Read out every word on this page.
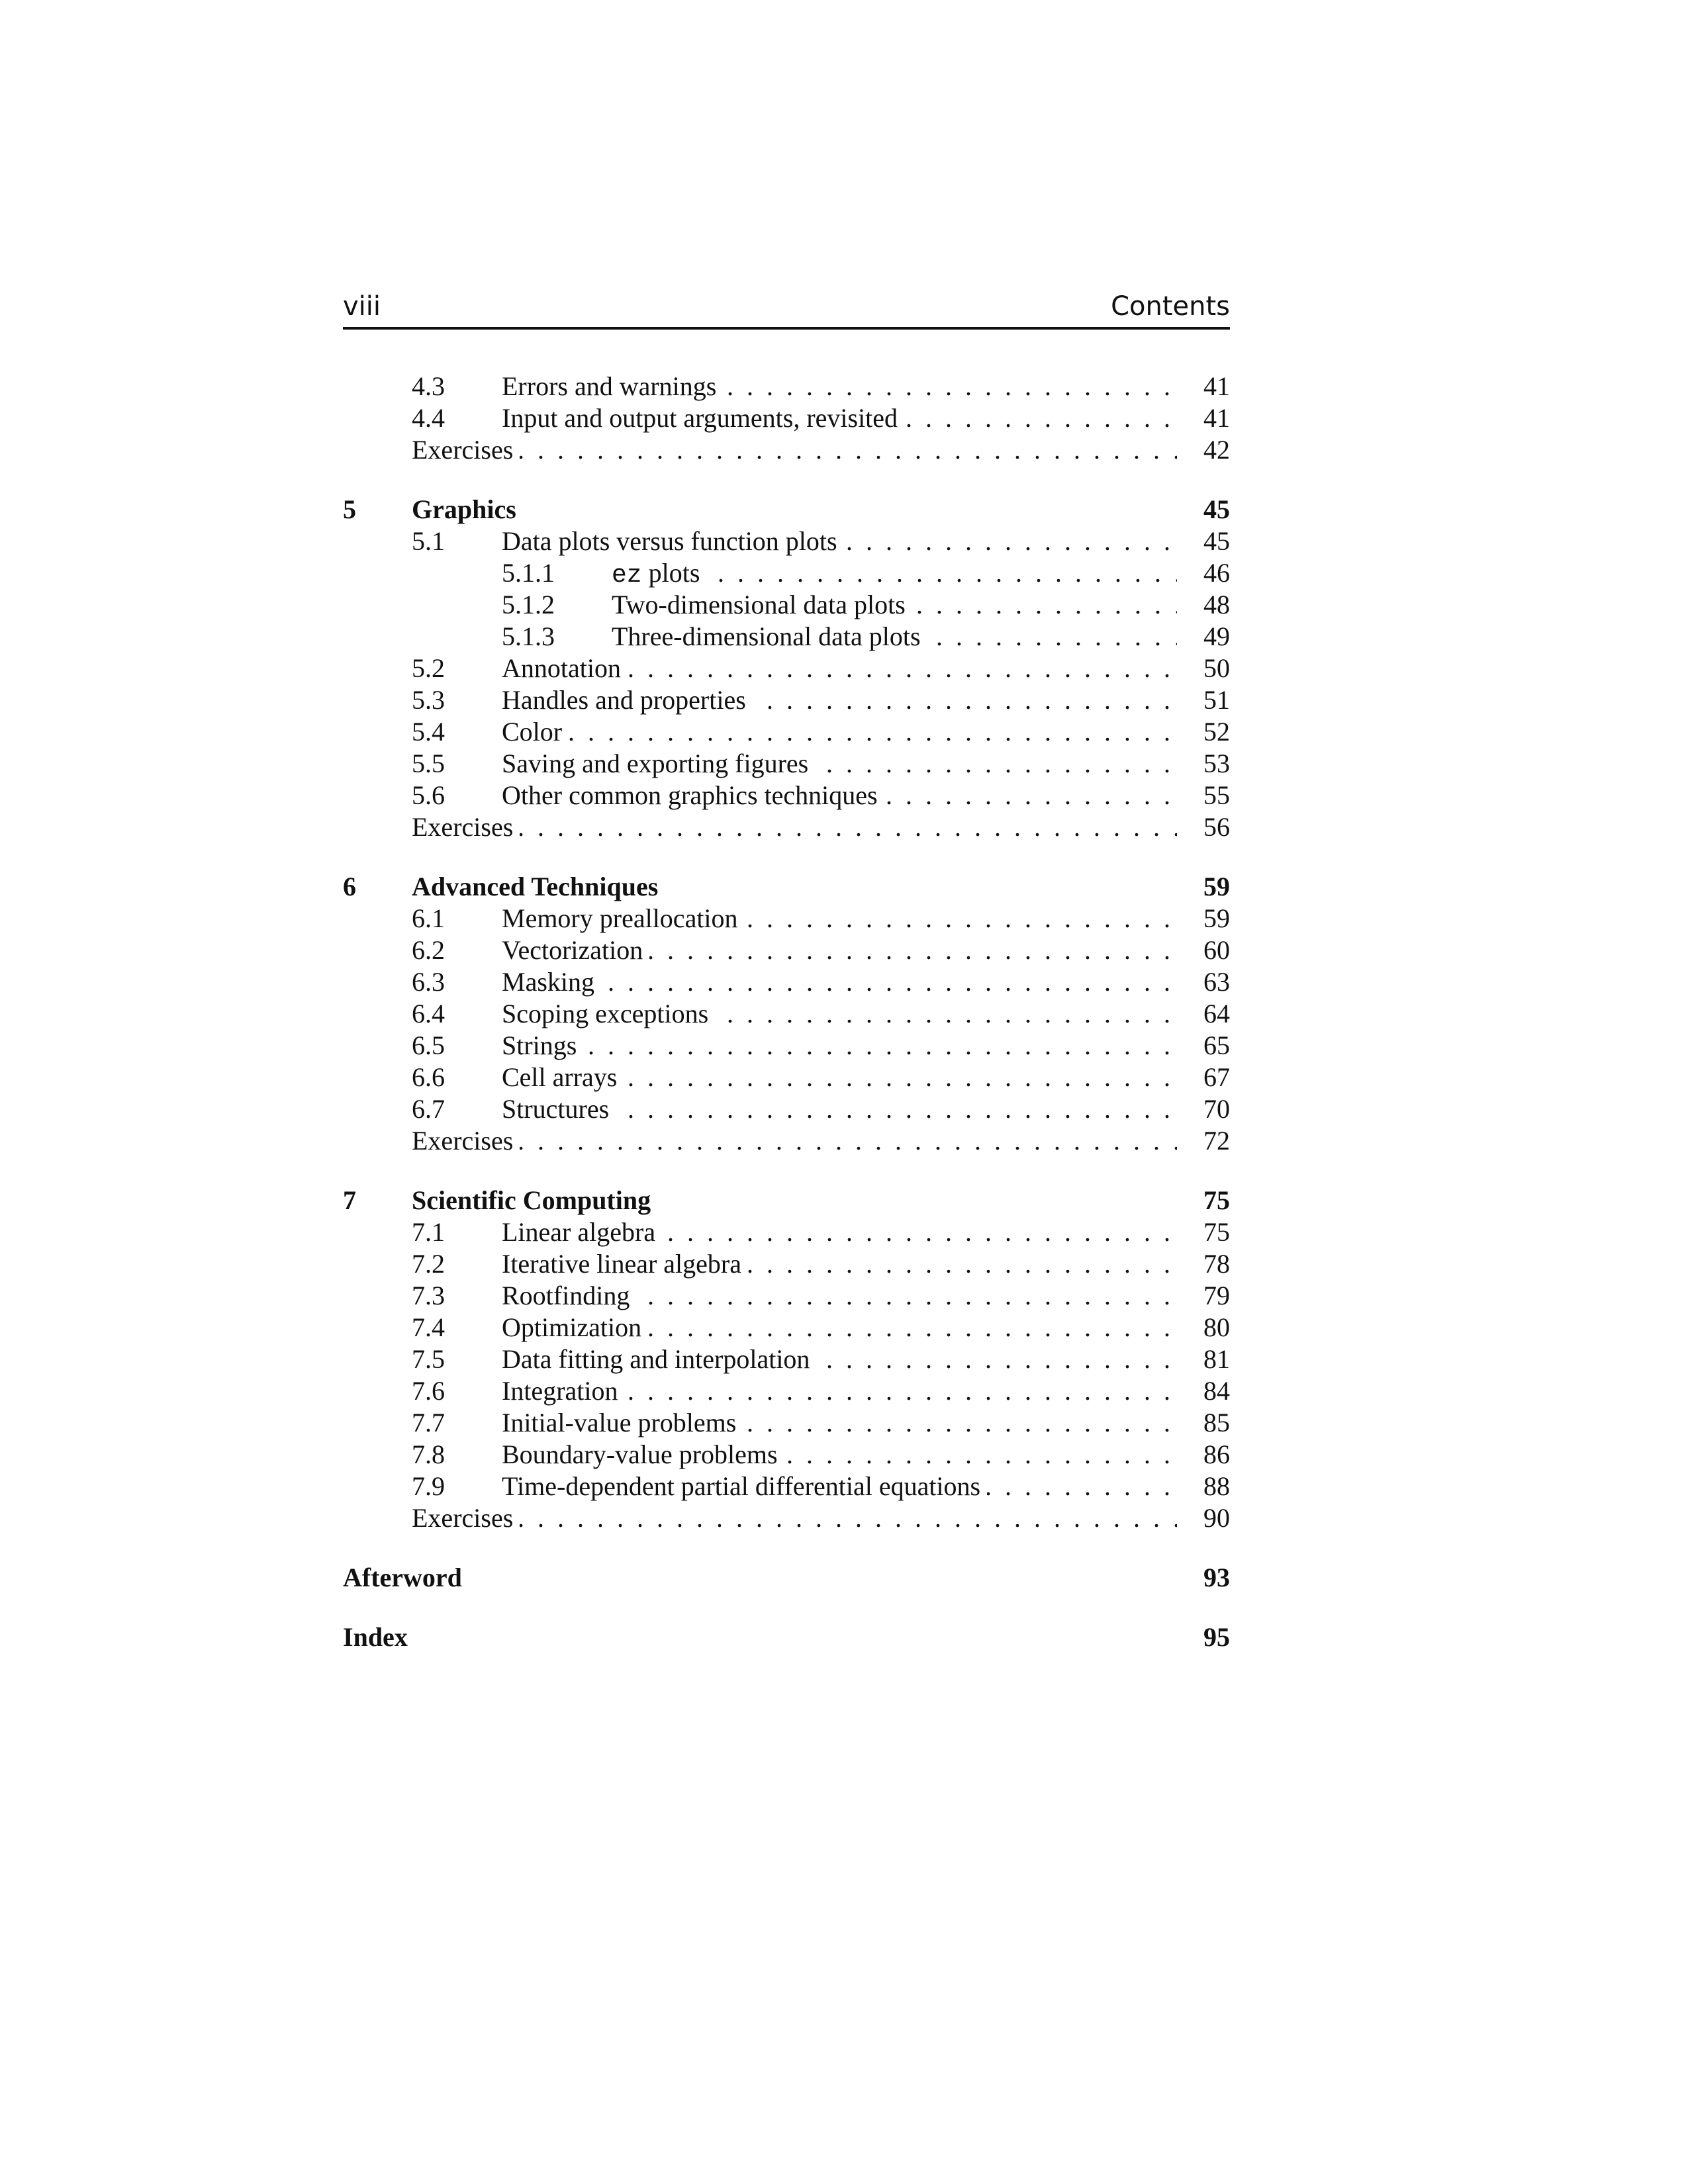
viii	Contents
4.3 . . Errors and warnings	41
4.4 . . Input and output arguments, revisited	41
. .
Exercises	42
5 Graphics	45
5.1 . . Data plots versus function plots	45
5.1.1 . . ez plots	46
5.1.2 . . Two-dimensional data plots	48
5.1.3 . . Three-dimensional data plots	49
5.2 . . Annotation	50
5.3 . . Handles and properties	51
5.4 . . Color	52
5.5 . . Saving and exporting figures	53
5.6 . . Other common graphics techniques	55
. .
Exercises	56
6 Advanced Techniques	59
6.1 . . Memory preallocation	59
6.2 . . Vectorization	60
6.3 . . Masking	63
6.4 . . Scoping exceptions	64
6.5 . . Strings	65
6.6 . . Cell arrays	67
6.7 . . Structures	70
. .
Exercises	72
7 Scientific Computing	75
7.1 . . Linear algebra	75
7.2 . . Iterative linear algebra	78
7.3 . . Rootfinding	79
7.4 . . Optimization	80
7.5 . . Data fitting and interpolation	81
7.6 . . Integration	84
7.7 . . Initial-value problems	85
7.8 . . Boundary-value problems	86
7.9 . . Time-dependent partial differential equations	88
. .
Exercises	90
Afterword	93
Index	95
